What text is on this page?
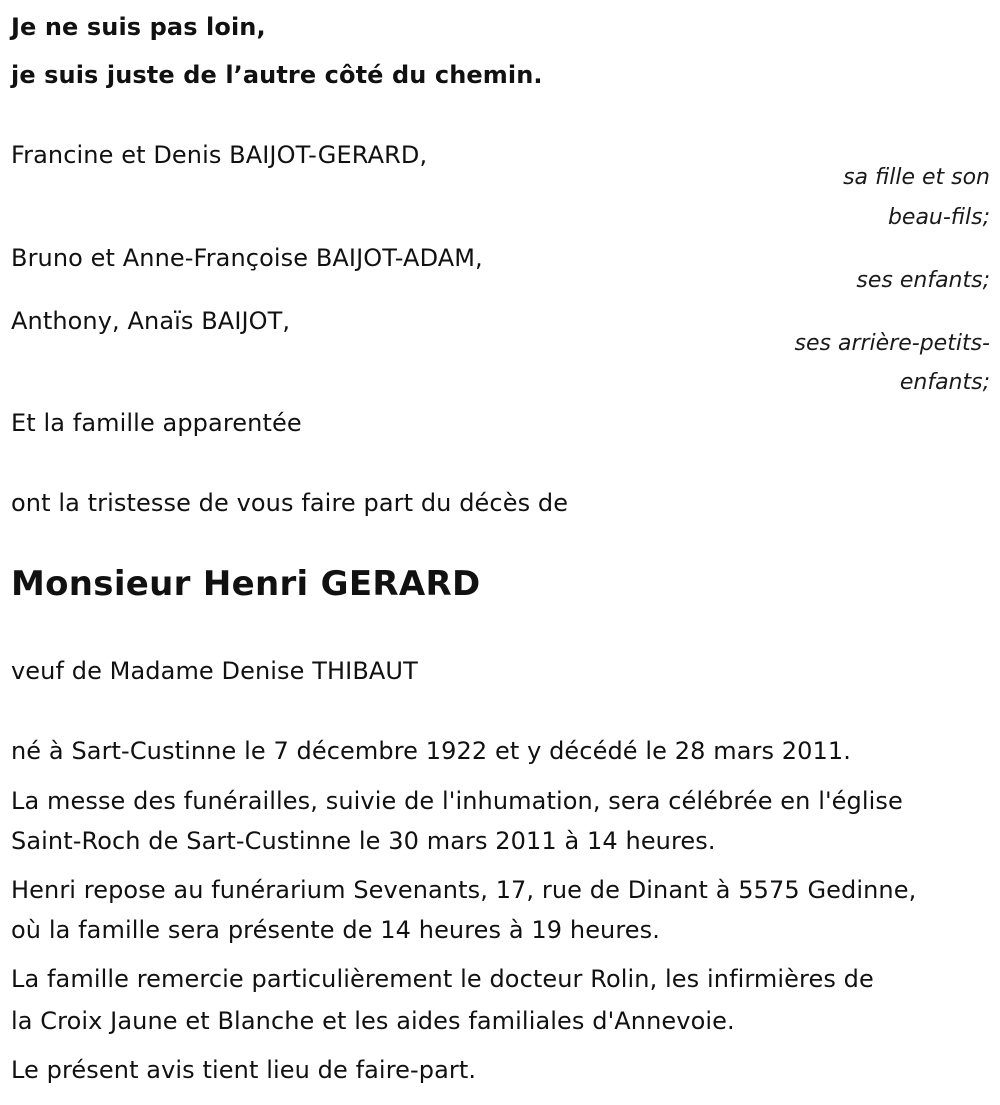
Je ne suis pas loin,

je suis juste de l’autre côté du chemin.

Francine et Denis BAIJOT-GERARD,

sa fille et son

beau-fils;

Bruno et Anne-Françoise BAIJOT-ADAM,

ses enfants;

Anthony, Anaïs BAIJOT,

ses arrière-petits-

enfants;

Et la famille apparentée

ont la tristesse de vous faire part du décès de

Monsieur Henri GERARD

veuf de Madame Denise THIBAUT

né à Sart-Custinne le 7 décembre 1922 et y décédé le 28 mars 2011.

La messe des funérailles, suivie de l'inhumation, sera célébrée en l'église

Saint-Roch de Sart-Custinne le 30 mars 2011 à 14 heures.

Henri repose au funérarium Sevenants, 17, rue de Dinant à 5575 Gedinne,

où la famille sera présente de 14 heures à 19 heures.

La famille remercie particulièrement le docteur Rolin, les infirmières de

la Croix Jaune et Blanche et les aides familiales d'Annevoie.

Le présent avis tient lieu de faire-part.
